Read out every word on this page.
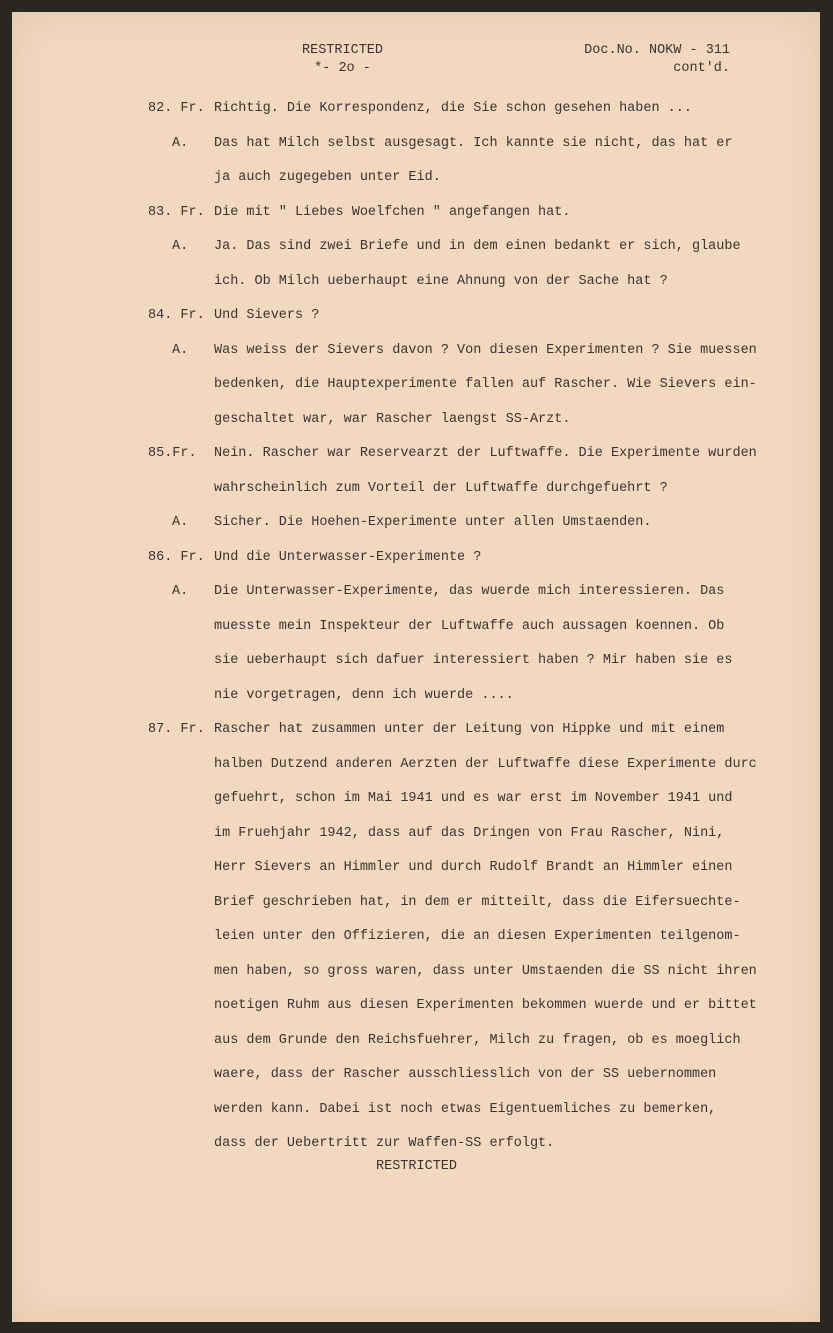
RESTRICTED
*- 2o -
Doc.No. NOKW - 311
cont'd.
82. Fr. Richtig. Die Korrespondenz, die Sie schon gesehen haben ...
A. Das hat Milch selbst ausgesagt. Ich kannte sie nicht, das hat er
ja auch zugegeben unter Eid.
83. Fr. Die mit " Liebes Woelfchen " angefangen hat.
A. Ja. Das sind zwei Briefe und in dem einen bedankt er sich, glaube
ich. Ob Milch ueberhaupt eine Ahnung von der Sache hat ?
84. Fr. Und Sievers ?
A. Was weiss der Sievers davon ? Von diesen Experimenten ? Sie muessen
bedenken, die Hauptexperimente fallen auf Rascher. Wie Sievers ein-
geschaltet war, war Rascher laengst SS-Arzt.
85.Fr. Nein. Rascher war Reservearzt der Luftwaffe. Die Experimente wurden
wahrscheinlich zum Vorteil der Luftwaffe durchgefuehrt ?
A. Sicher. Die Hoehen-Experimente unter allen Umstaenden.
86. Fr. Und die Unterwasser-Experimente ?
A. Die Unterwasser-Experimente, das wuerde mich interessieren. Das
muesste mein Inspekteur der Luftwaffe auch aussagen koennen. Ob
sie ueberhaupt sich dafuer interessiert haben ? Mir haben sie es
nie vorgetragen, denn ich wuerde ....
87. Fr. Rascher hat zusammen unter der Leitung von Hippke und mit einem
halben Dutzend anderen Aerzten der Luftwaffe diese Experimente durc
gefuehrt, schon im Mai 1941 und es war erst im November 1941 und
im Fruehjahr 1942, dass auf das Dringen von Frau Rascher, Nini,
Herr Sievers an Himmler und durch Rudolf Brandt an Himmler einen
Brief geschrieben hat, in dem er mitteilt, dass die Eifersuechte-
leien unter den Offizieren, die an diesen Experimenten teilgenom-
men haben, so gross waren, dass unter Umstaenden die SS nicht ihren
noetigen Ruhm aus diesen Experimenten bekommen wuerde und er bittet
aus dem Grunde den Reichsfuehrer, Milch zu fragen, ob es moeglich
waere, dass der Rascher ausschliesslich von der SS uebernommen
werden kann. Dabei ist noch etwas Eigentuemliches zu bemerken,
dass der Uebertritt zur Waffen-SS erfolgt.
RESTRICTED
